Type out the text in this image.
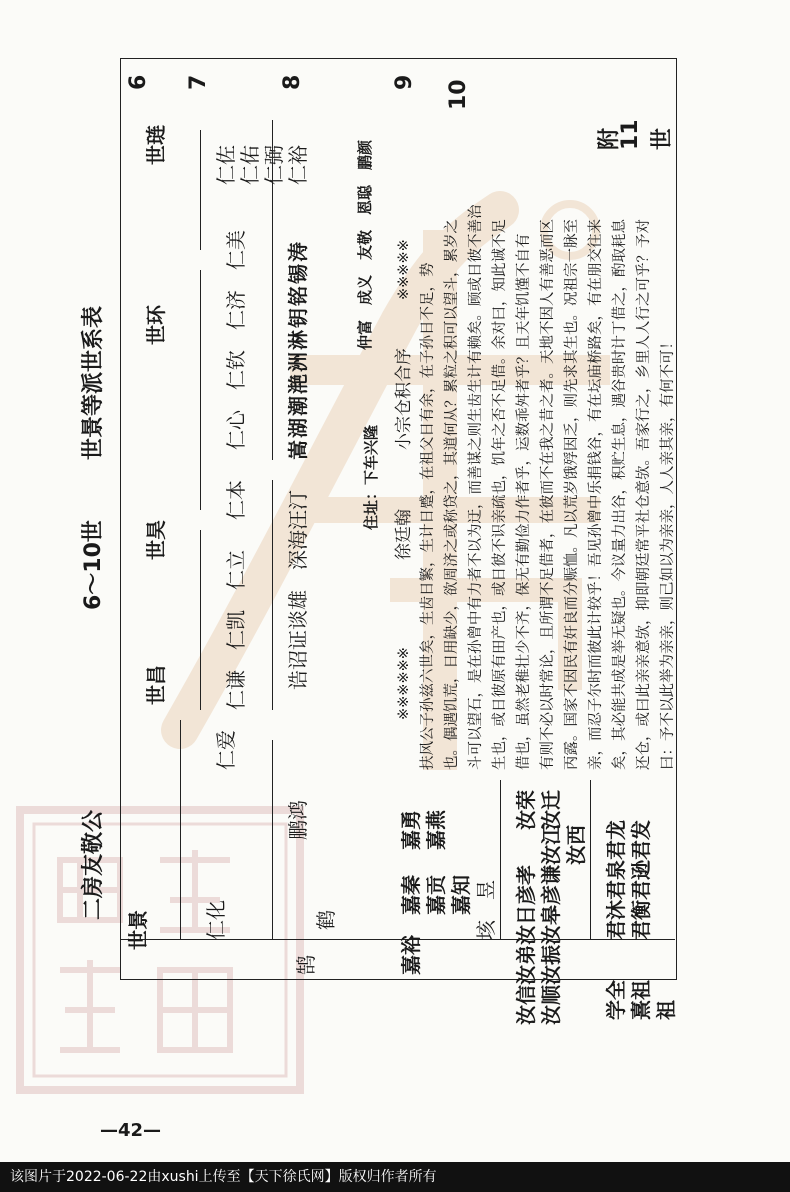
二房友敬公
6～10世
世景等派世系表
6 7	8	9 10
附
11 世
世琏
世环
世昊
世昌
世景
仁佐 仁佑 仁弼 仁裕
仁美
仁济
仁钦
仁心
仁本
仁立
仁凯
仁谦
仁爱
仁化
嵩湖潮滟洲淋钥铭锡涛
深海汪汀
诰诏证谈雄
鸿
鹏
鹤
鹄
仲富　成义　友敬　恩聪　鹏颜
住址：下车兴隆
嘉勇 嘉燕
嘉秦 嘉贡 嘉知
嘉裕
垓
昱
汝荣 汝迁
汝江 汝西
彦孝 彦谦
汝日 汝皋
汝弟 汝振
汝信 汝顺
君龙 君发
君泉 君逊
君沐 君衡
学全 熹祖 祖
※※※※※
小宗仓积合序
徐廷翰
※※※※※※ 扶风公子孙兹六世矣，生齿日繁，生计日蹙，在祖父日有余，在子孙日不足，势 也。偶遇饥荒，日用缺少，欲周济之或称贷之，其道何从？累粒之积可以望斗，累岁之 斗可以望石，是在孙曾中有力者不以为迂，而善谋之则生齿生计有赖矣。顾或日彼不善治 生也，或日彼原有田产也，或日彼不识亲疏也，饥年之否不足借。余对曰，知此诚不足 借也，虽然老稚壮少不齐，保无有勤俭力作者乎，运数乖舛者乎？且天年饥馑不自有 有则不必以时常论，且所谓不足借者，在彼而不在我之昔之者。天地不因人有善恶而区 丙露。国家不因民有奸良而分赈恤。凡以荒岁饿殍因乏，则先求其生也。况祖宗一脉至 亲，而忍子尔时而彼此计较乎！吾见孙曾中乐捐钱谷，有在坛庙桥路矣，有在朋交往来 矣，其必能共成是举无疑也。今议量力出谷，积贮生息，遇谷贵时计丁借之，酌取耗息 还仓，或曰此亲亲意欤，抑即朝廷常平社仓意欤。吾家行之，乡里人人行之可乎？予对 曰：予不以此举为亲亲，则己如以为亲亲，人人亲其亲，有何不可！
—42—
该图片于2022-06-22由xushi上传至【天下徐氏网】版权归作者所有
